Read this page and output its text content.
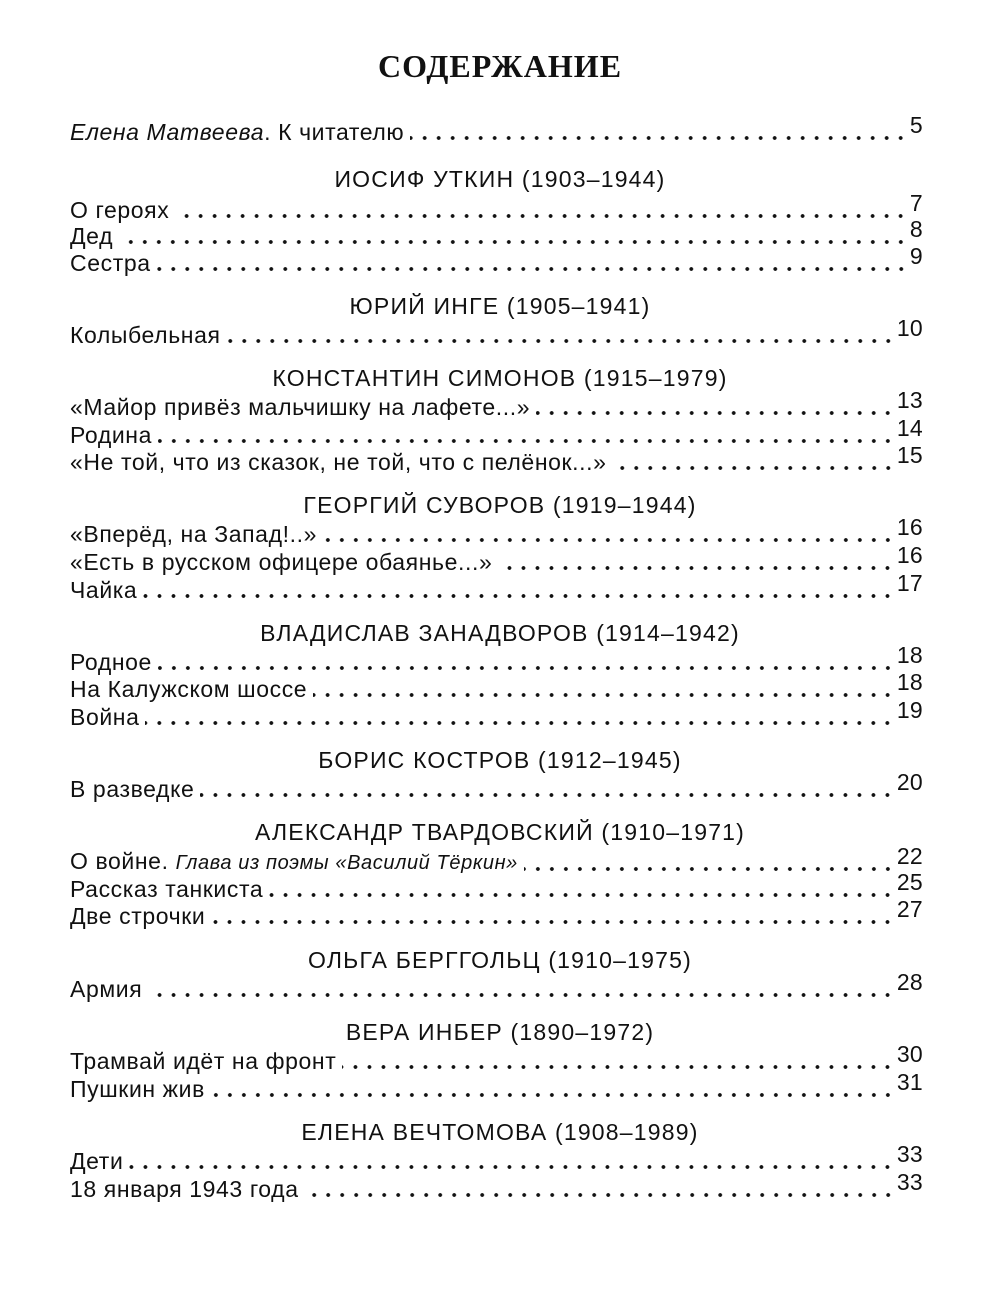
СОДЕРЖАНИЕ
Елена Матвеева. К читателю	5
ИОСИФ УТКИН (1903–1944)
О героях	7
Дед	8
Сестра	9
ЮРИЙ ИНГЕ (1905–1941)
Колыбельная	10
КОНСТАНТИН СИМОНОВ (1915–1979)
«Майор привёз мальчишку на лафете...»	13
Родина	14
«Не той, что из сказок, не той, что с пелёнок...»	15
ГЕОРГИЙ СУВОРОВ (1919–1944)
«Вперёд, на Запад!..»	16
«Есть в русском офицере обаянье...»	16
Чайка	17
ВЛАДИСЛАВ ЗАНАДВОРОВ (1914–1942)
Родное	18
На Калужском шоссе	18
Война	19
БОРИС КОСТРОВ (1912–1945)
В разведке	20
АЛЕКСАНДР ТВАРДОВСКИЙ (1910–1971)
О войне. Глава из поэмы «Василий Тёркин»	22
Рассказ танкиста	25
Две строчки	27
ОЛЬГА БЕРГГОЛЬЦ (1910–1975)
Армия	28
ВЕРА ИНБЕР (1890–1972)
Трамвай идёт на фронт	30
Пушкин жив	31
ЕЛЕНА ВЕЧТОМОВА (1908–1989)
Дети	33
18 января 1943 года	33
